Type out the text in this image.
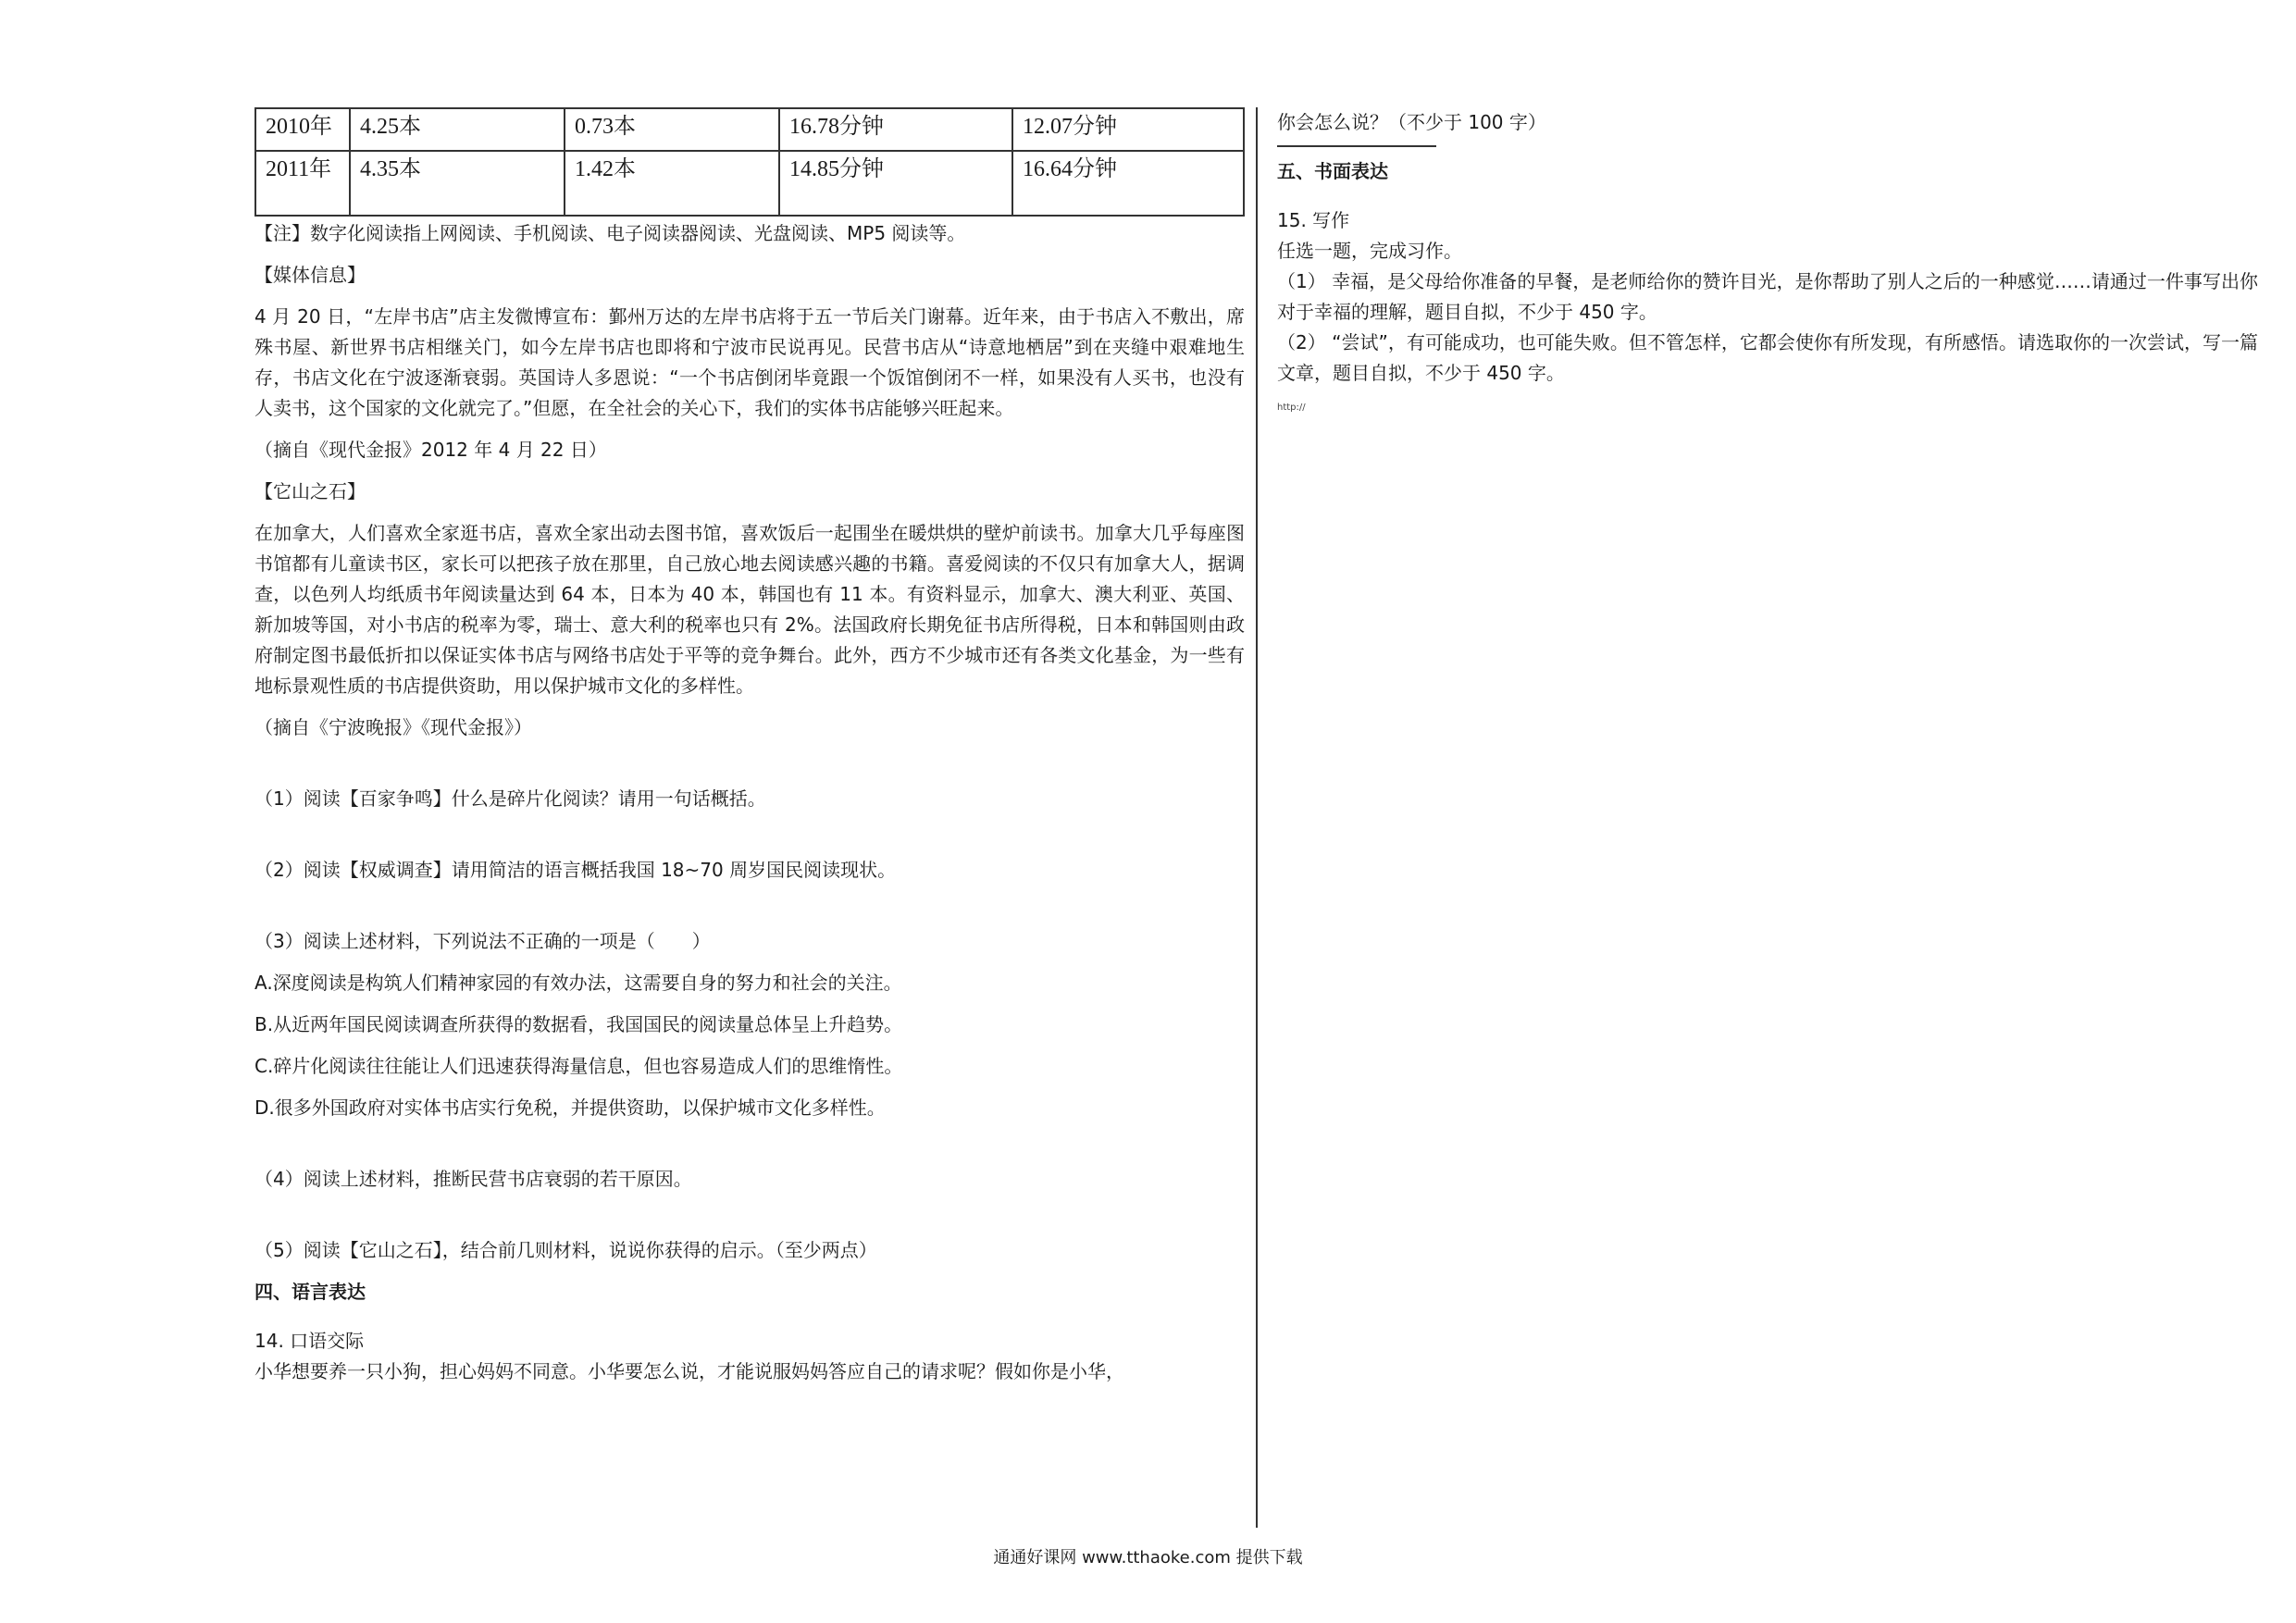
2010年	4.25本	0.73本	16.78分钟	12.07分钟
2011年	4.35本	1.42本	14.85分钟	16.64分钟

【注】数字化阅读指上网阅读、手机阅读、电子阅读器阅读、光盘阅读、MP5 阅读等。

【媒体信息】

4 月 20 日，“左岸书店”店主发微博宣布：鄞州万达的左岸书店将于五一节后关门谢幕。近年来，由于书店入不敷出，席殊书屋、新世界书店相继关门，如今左岸书店也即将和宁波市民说再见。民营书店从“诗意地栖居”到在夹缝中艰难地生存，书店文化在宁波逐渐衰弱。英国诗人多恩说：“一个书店倒闭毕竟跟一个饭馆倒闭不一样，如果没有人买书，也没有人卖书，这个国家的文化就完了。”但愿，在全社会的关心下，我们的实体书店能够兴旺起来。

（摘自《现代金报》2012 年 4 月 22 日）

【它山之石】

在加拿大，人们喜欢全家逛书店，喜欢全家出动去图书馆，喜欢饭后一起围坐在暖烘烘的壁炉前读书。加拿大几乎每座图书馆都有儿童读书区，家长可以把孩子放在那里，自己放心地去阅读感兴趣的书籍。喜爱阅读的不仅只有加拿大人，据调查，以色列人均纸质书年阅读量达到 64 本，日本为 40 本，韩国也有 11 本。有资料显示，加拿大、澳大利亚、英国、新加坡等国，对小书店的税率为零，瑞士、意大利的税率也只有 2%。法国政府长期免征书店所得税，日本和韩国则由政府制定图书最低折扣以保证实体书店与网络书店处于平等的竞争舞台。此外，西方不少城市还有各类文化基金，为一些有地标景观性质的书店提供资助，用以保护城市文化的多样性。

（摘自《宁波晚报》《现代金报》）

（1）阅读【百家争鸣】什么是碎片化阅读？请用一句话概括。

（2）阅读【权威调查】请用简洁的语言概括我国 18~70 周岁国民阅读现状。

（3）阅读上述材料，下列说法不正确的一项是（　　）

A.深度阅读是构筑人们精神家园的有效办法，这需要自身的努力和社会的关注。

B.从近两年国民阅读调查所获得的数据看，我国国民的阅读量总体呈上升趋势。

C.碎片化阅读往往能让人们迅速获得海量信息，但也容易造成人们的思维惰性。

D.很多外国政府对实体书店实行免税，并提供资助，以保护城市文化多样性。

（4）阅读上述材料，推断民营书店衰弱的若干原因。

（5）阅读【它山之石】，结合前几则材料，说说你获得的启示。（至少两点）

四、语言表达

14. 口语交际

小华想要养一只小狗，担心妈妈不同意。小华要怎么说，才能说服妈妈答应自己的请求呢？假如你是小华，

你会怎么说？（不少于 100 字）

五、书面表达

15. 写作

任选一题，完成习作。

（1） 幸福，是父母给你准备的早餐，是老师给你的赞许目光，是你帮助了别人之后的一种感觉……请通过一件事写出你对于幸福的理解，题目自拟，不少于 450 字。

（2） “尝试”，有可能成功，也可能失败。但不管怎样，它都会使你有所发现，有所感悟。请选取你的一次尝试，写一篇文章，题目自拟，不少于 450 字。

http://
通通好课网 www.tthaoke.com 提供下载
